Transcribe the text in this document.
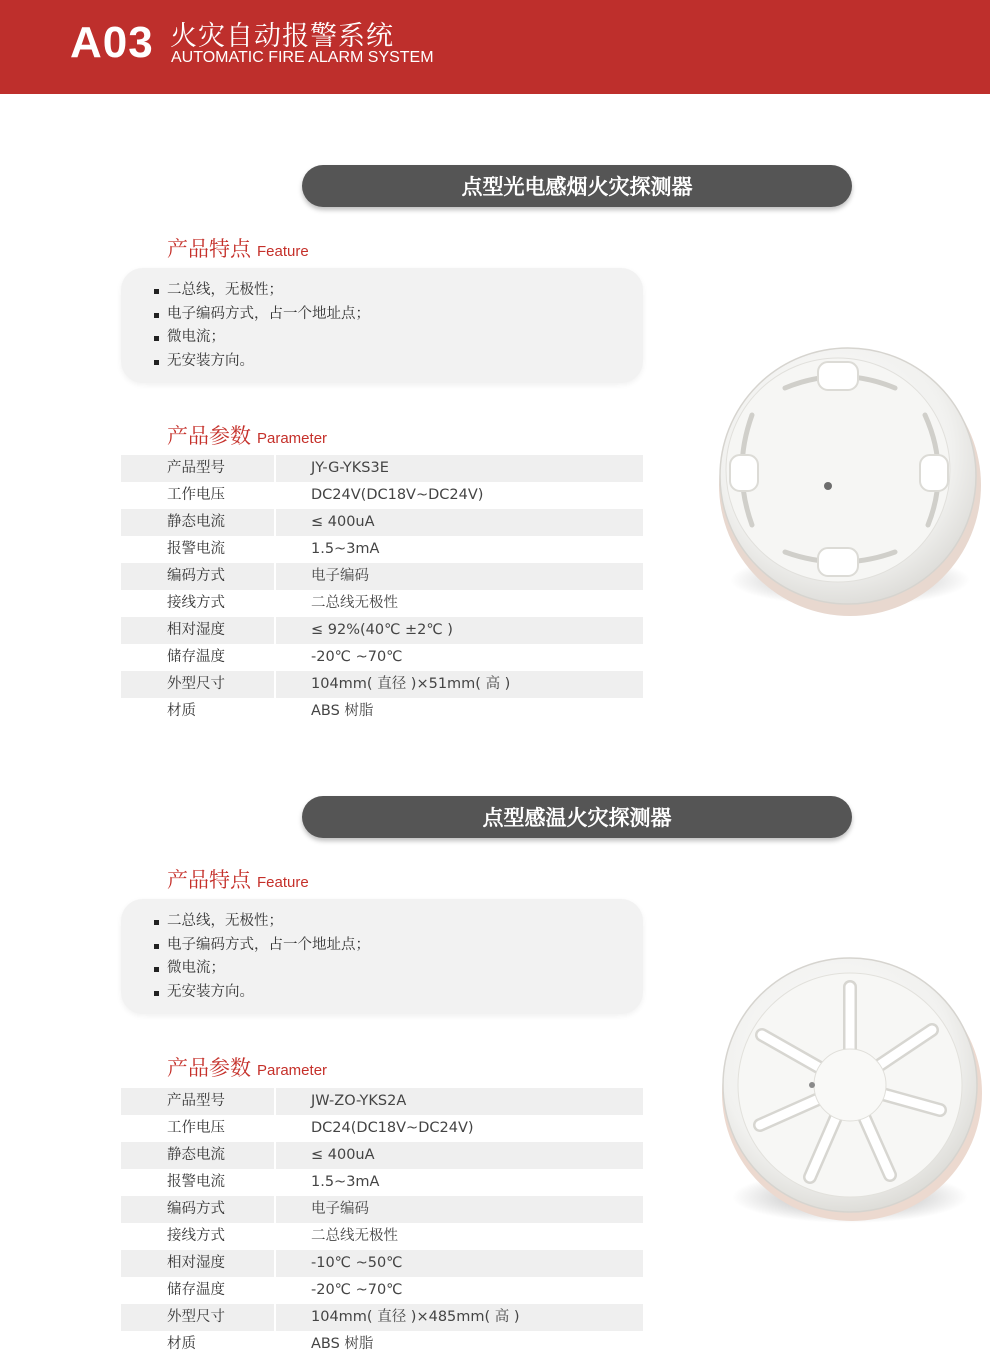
A03 火灾自动报警系统
AUTOMATIC FIRE ALARM SYSTEM
点型光电感烟火灾探测器
产品特点 Feature
二总线，无极性；
电子编码方式，占一个地址点；
微电流；
无安装方向。
产品参数 Parameter
产品型号	JY-G-YKS3E
工作电压	DC24V(DC18V~DC24V)
静态电流	≤ 400uA
报警电流	1.5~3mA
编码方式	电子编码
接线方式	二总线无极性
相对湿度	≤ 92%(40℃ ±2℃ )
储存温度	-20℃ ~70℃
外型尺寸	104mm( 直径 )×51mm( 高 )
材质	ABS 树脂
点型感温火灾探测器
产品特点 Feature
二总线，无极性；
电子编码方式，占一个地址点；
微电流；
无安装方向。
产品参数 Parameter
产品型号	JW-ZO-YKS2A
工作电压	DC24(DC18V~DC24V)
静态电流	≤ 400uA
报警电流	1.5~3mA
编码方式	电子编码
接线方式	二总线无极性
相对湿度	-10℃ ~50℃
储存温度	-20℃ ~70℃
外型尺寸	104mm( 直径 )×485mm( 高 )
材质	ABS 树脂
